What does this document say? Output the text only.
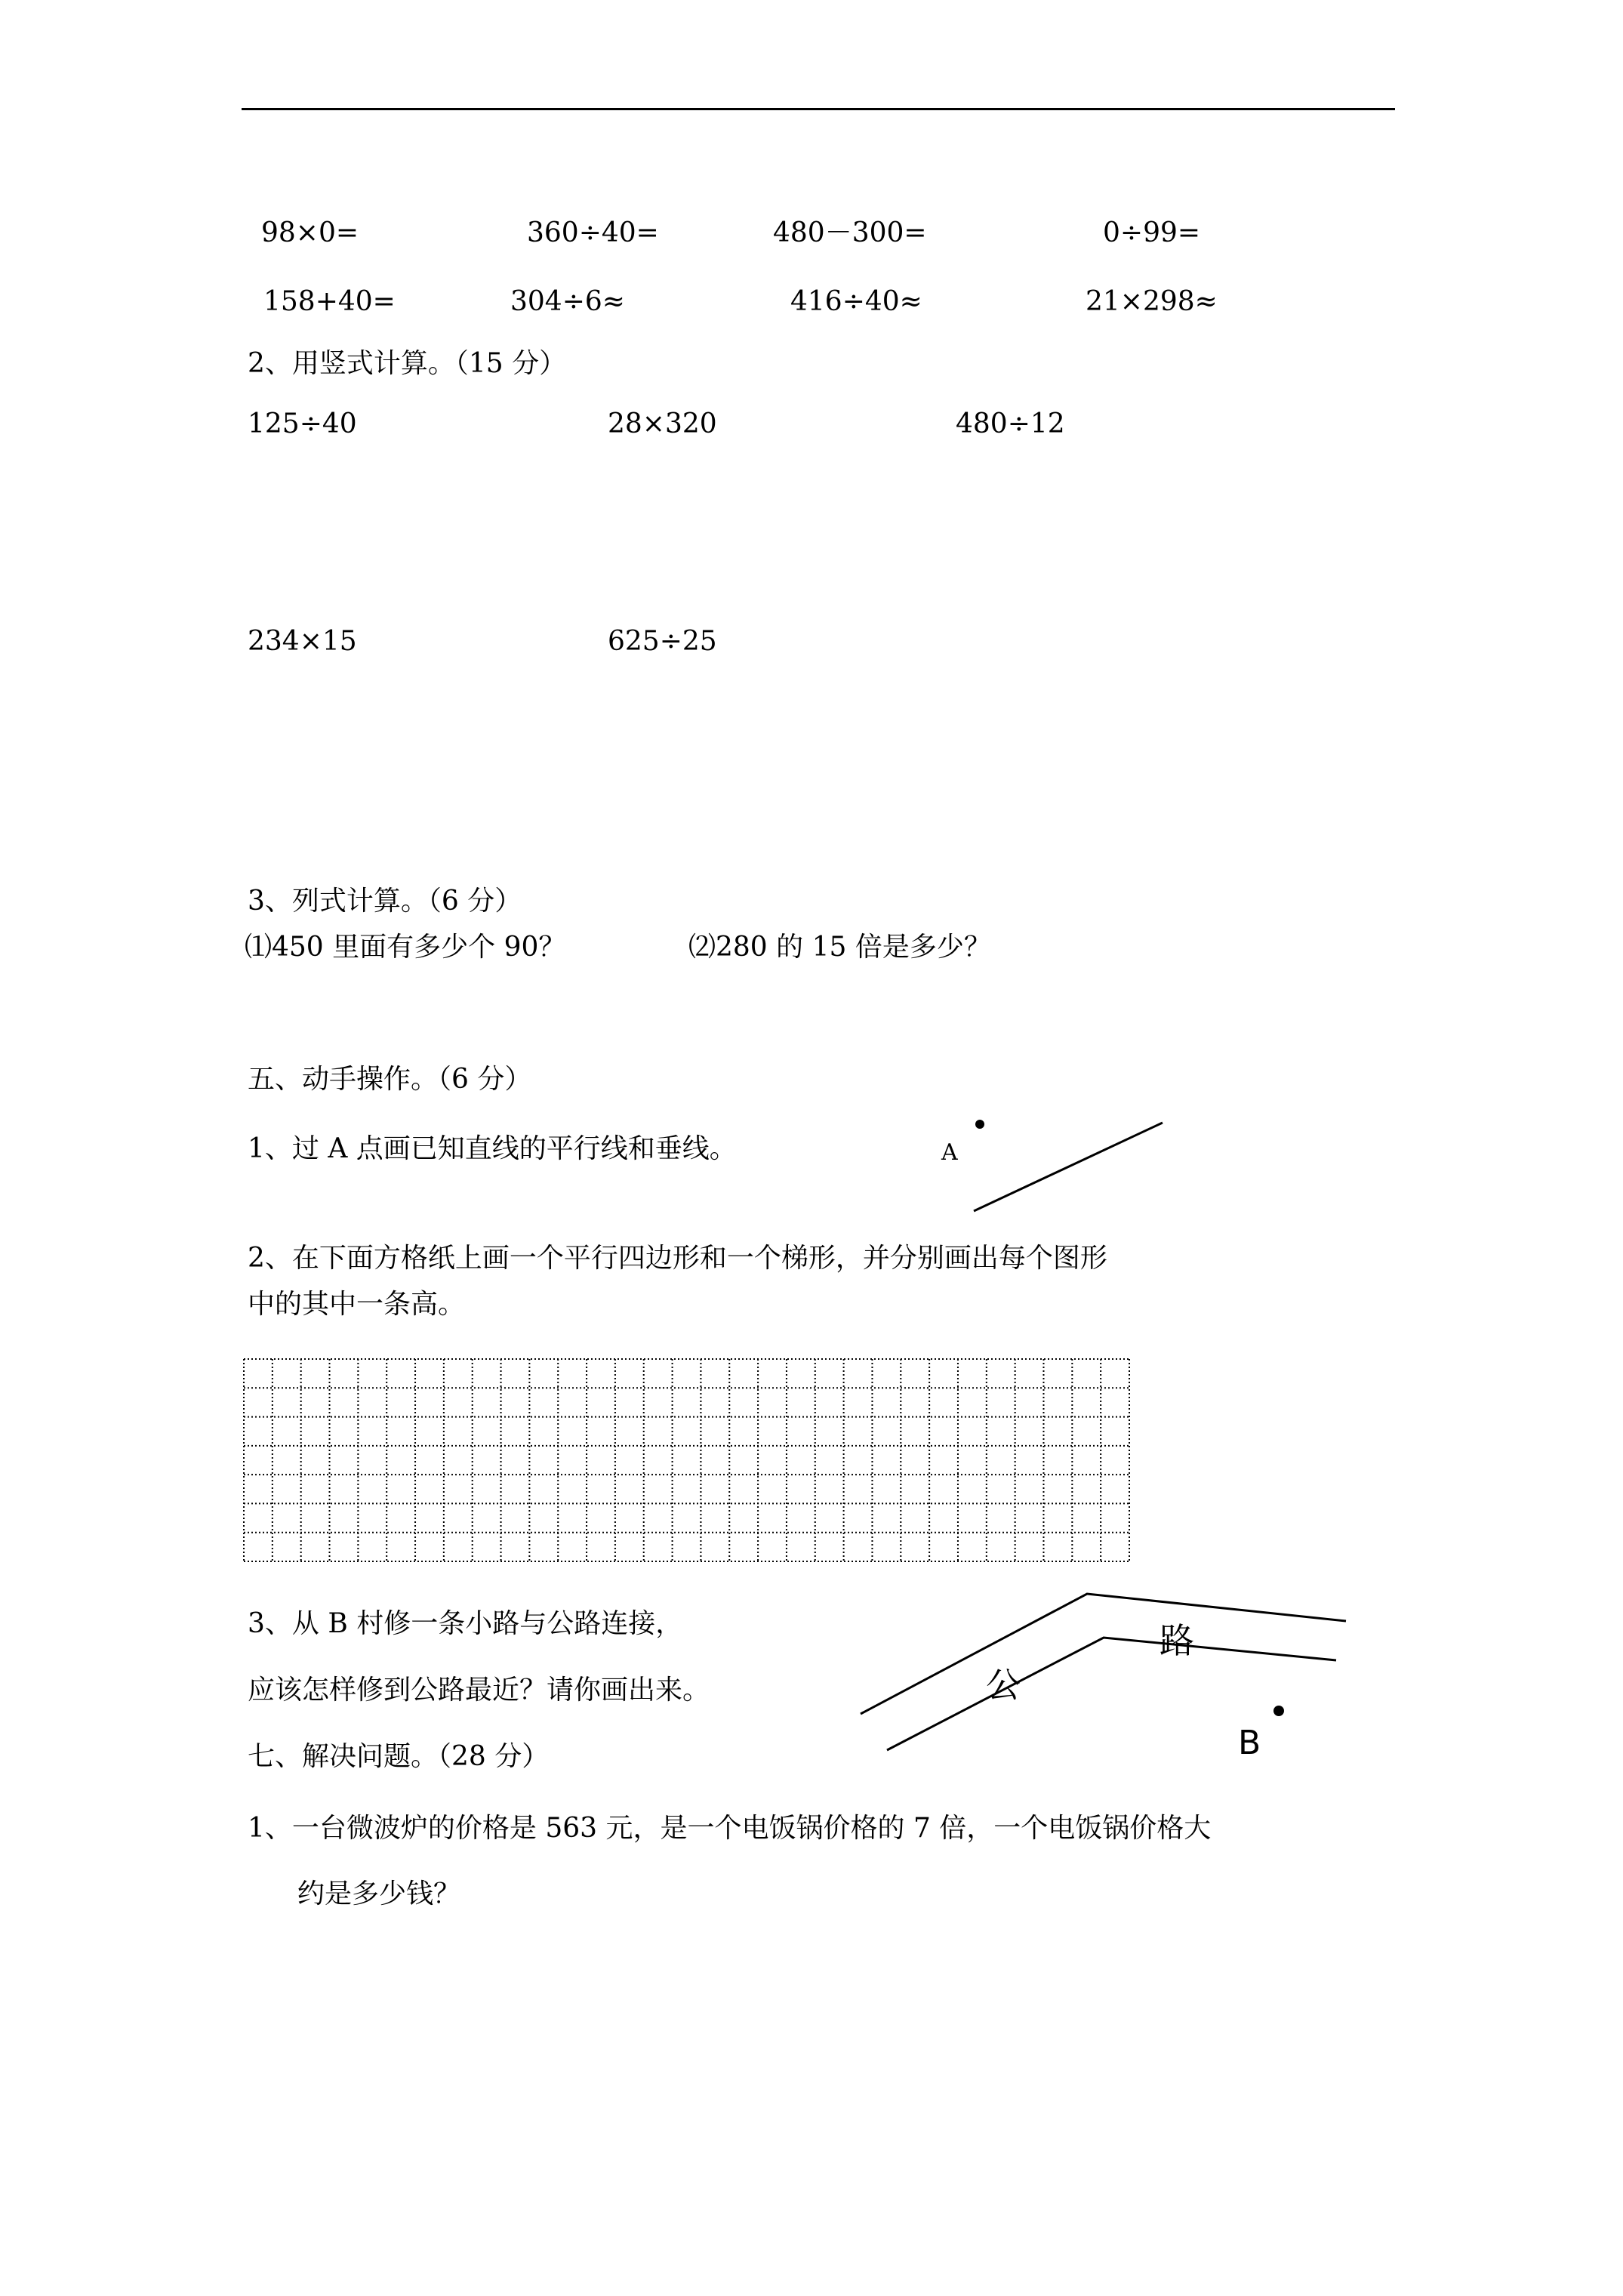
98×0=	360÷40=	480－300=	0÷99=
158+40=	304÷6≈	416÷40≈	21×298≈
2、用竖式计算。（15 分）
125÷40	28×320	480÷12
234×15	625÷25
3、列式计算。（6 分）
⑴450 里面有多少个 90？	⑵280 的 15 倍是多少？
五、动手操作。（6 分）
1、过 A 点画已知直线的平行线和垂线。	A
2、在下面方格纸上画一个平行四边形和一个梯形，并分别画出每个图形
中的其中一条高。
3、从 B 村修一条小路与公路连接，
应该怎样修到公路最近？请你画出来。	公
路
B
七、解决问题。（28 分）
1、一台微波炉的价格是 563 元，是一个电饭锅价格的 7 倍，一个电饭锅价格大
约是多少钱？
